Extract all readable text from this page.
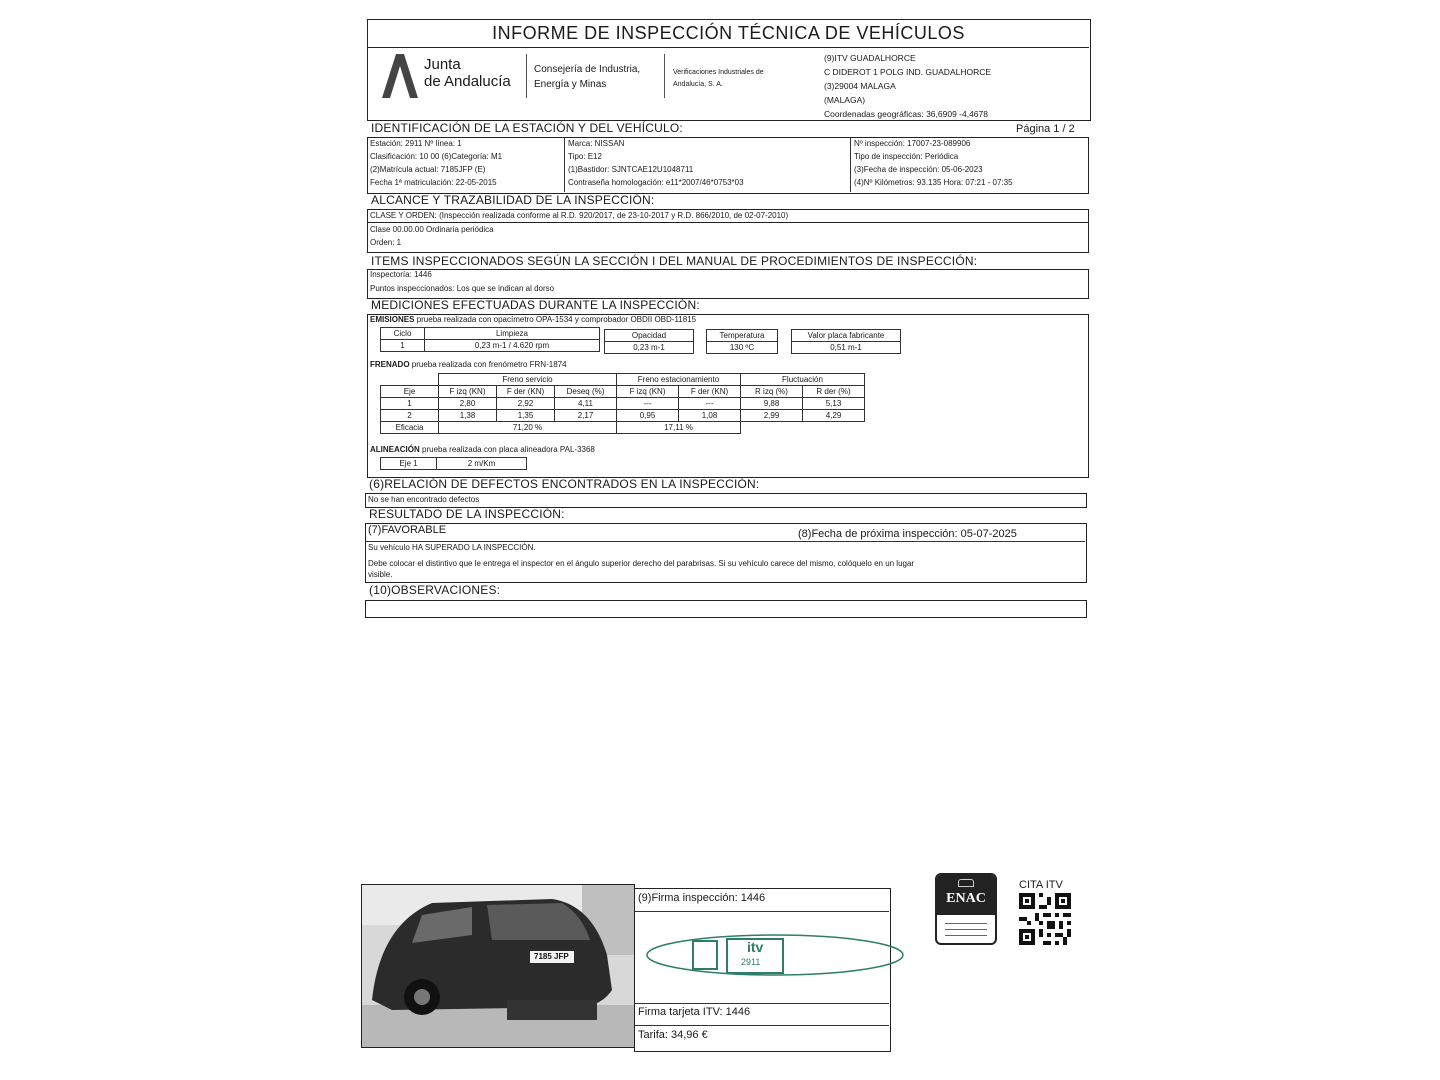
INFORME DE INSPECCIÓN TÉCNICA DE VEHÍCULOS
Junta
de Andalucía
Consejería de Industria,
Energía y Minas
Verificaciones Industriales de
Andalucía, S. A.
(9)ITV GUADALHORCE
C DIDEROT 1 POLG IND. GUADALHORCE
(3)29004 MALAGA
(MALAGA)
Coordenadas geográficas: 36,6909 -4,4678
IDENTIFICACIÓN DE LA ESTACIÓN Y DEL VEHÍCULO:	Página 1 / 2
Estación: 2911 Nº línea: 1
Clasificación: 10 00 (6)Categoría: M1
(2)Matrícula actual: 7185JFP (E)
Fecha 1ª matriculación: 22-05-2015
Marca: NISSAN
Tipo: E12
(1)Bastidor: SJNTCAE12U1048711
Contraseña homologación: e11*2007/46*0753*03
Nº inspección: 17007-23-089906
Tipo de inspección: Periódica
(3)Fecha de inspección: 05-06-2023
(4)Nº Kilómetros: 93.135 Hora: 07:21 - 07:35
ALCANCE Y TRAZABILIDAD DE LA INSPECCIÓN:
CLASE Y ORDEN: (Inspección realizada conforme al R.D. 920/2017, de 23-10-2017 y R.D. 866/2010, de 02-07-2010)
Clase 00.00.00 Ordinaria periódica
Orden: 1
ITEMS INSPECCIONADOS SEGÚN LA SECCIÓN I DEL MANUAL DE PROCEDIMIENTOS DE INSPECCIÓN:
Inspectoría: 1446
Puntos inspeccionados: Los que se indican al dorso
MEDICIONES EFECTUADAS DURANTE LA INSPECCIÓN:
EMISIONES prueba realizada con opacímetro OPA-1534 y comprobador OBDII OBD-11815
Ciclo	Limpieza
1	0,23 m-1 / 4.620 rpm
Opacidad
0,23 m-1
Temperatura
130 ºC
Valor placa fabricante
0,51 m-1
FRENADO prueba realizada con frenómetro FRN-1874
	Freno servicio			Freno estacionamiento		Fluctuación	
Eje	F izq (KN)	F der (KN)	Deseq (%)	F izq (KN)	F der (KN)	R izq (%)	R der (%)
1	2,80	2,92	4,11	---	---	9,88	5,13
2	1,38	1,35	2,17	0,95	1,08	2,99	4,29
Eficacia	71,20 %			17,11 %			
ALINEACIÓN prueba realizada con placa alineadora PAL-3368
Eje 1	2 m/Km
(6)RELACIÓN DE DEFECTOS ENCONTRADOS EN LA INSPECCIÓN:
No se han encontrado defectos
RESULTADO DE LA INSPECCIÓN:
(7)FAVORABLE	(8)Fecha de próxima inspección: 05-07-2025
Su vehículo HA SUPERADO LA INSPECCIÓN.
Debe colocar el distintivo que le entrega el inspector en el ángulo superior derecho del parabrisas. Si su vehículo carece del mismo, colóquelo en un lugar
visible.
(10)OBSERVACIONES:
7185 JFP
(9)Firma inspección: 1446
itv
2911
Firma tarjeta ITV: 1446
Tarifa: 34,96 €
ENAC
CITA ITV
